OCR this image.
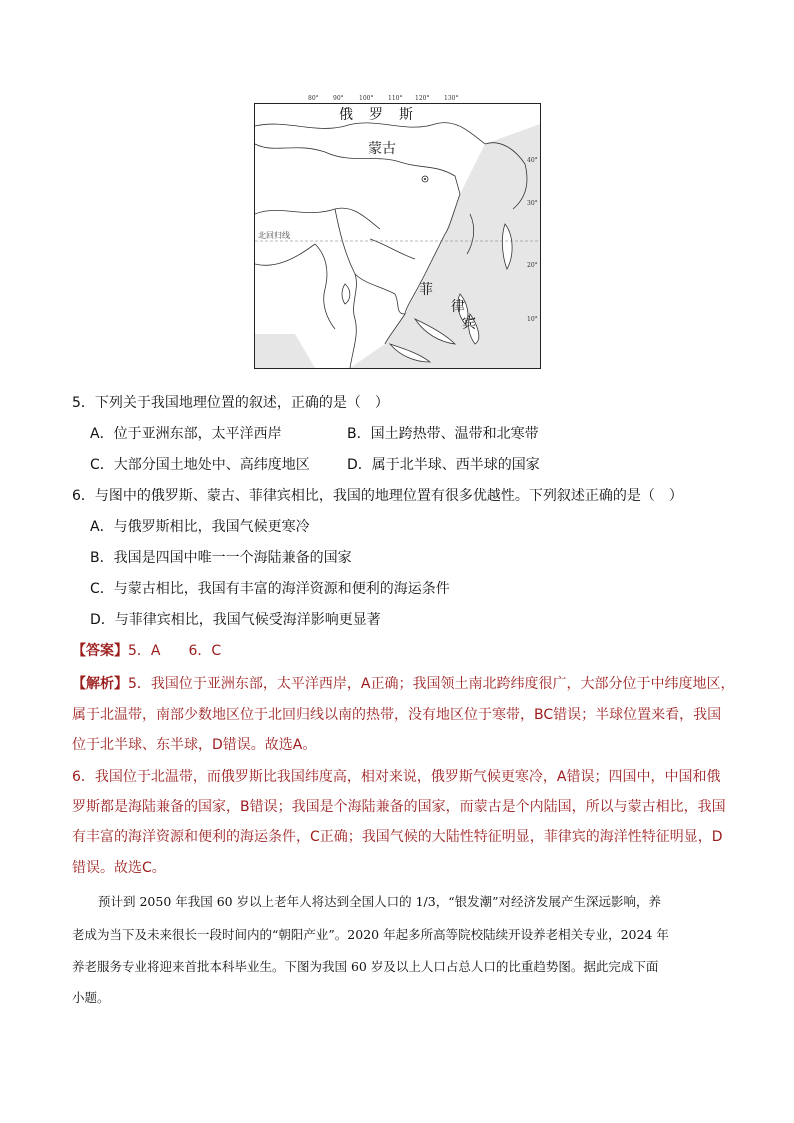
80° 90°	100° 110° 120° 130°
俄　罗　斯
蒙古
北回归线
菲
律
宾
40°
30°
20°
10°
5．下列关于我国地理位置的叙述，正确的是（　）
A．位于亚洲东部，太平洋西岸	B．国土跨热带、温带和北寒带
C．大部分国土地处中、高纬度地区	D．属于北半球、西半球的国家
6．与图中的俄罗斯、蒙古、菲律宾相比，我国的地理位置有很多优越性。下列叙述正确的是（　）
A．与俄罗斯相比，我国气候更寒冷
B．我国是四国中唯一一个海陆兼备的国家
C．与蒙古相比，我国有丰富的海洋资源和便利的海运条件
D．与菲律宾相比，我国气候受海洋影响更显著
【答案】5．A　　6．C
【解析】5．我国位于亚洲东部，太平洋西岸，A正确；我国领土南北跨纬度很广，大部分位于中纬度地区，
属于北温带，南部少数地区位于北回归线以南的热带，没有地区位于寒带，BC错误；半球位置来看，我国
位于北半球、东半球，D错误。故选A。
6．我国位于北温带，而俄罗斯比我国纬度高，相对来说，俄罗斯气候更寒冷，A错误；四国中，中国和俄
罗斯都是海陆兼备的国家，B错误；我国是个海陆兼备的国家，而蒙古是个内陆国，所以与蒙古相比，我国
有丰富的海洋资源和便利的海运条件，C正确；我国气候的大陆性特征明显，菲律宾的海洋性特征明显，D
错误。故选C。
预计到 2050 年我国 60 岁以上老年人将达到全国人口的 1/3，“银发潮”对经济发展产生深远影响，养
老成为当下及未来很长一段时间内的“朝阳产业”。2020 年起多所高等院校陆续开设养老相关专业，2024 年
养老服务专业将迎来首批本科毕业生。下图为我国 60 岁及以上人口占总人口的比重趋势图。据此完成下面
小题。
